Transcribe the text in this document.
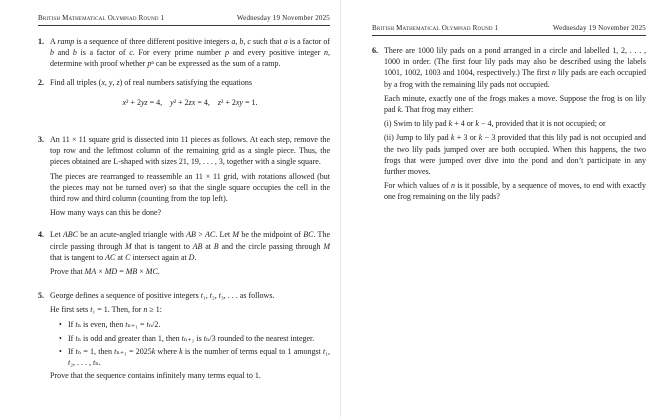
British Mathematical Olympiad Round 1	Wednesday 19 November 2025
1. A ramp is a sequence of three different positive integers a, b, c such that a is a factor of b and b is a factor of c. For every prime number p and every positive integer n, determine with proof whether pⁿ can be expressed as the sum of a ramp.

2. Find all triples (x, y, z) of real numbers satisfying the equations

x² + 2yz = 4, y² + 2zx = 4, z² + 2xy = 1.
3. An 11 × 11 square grid is dissected into 11 pieces as follows. At each step, remove the top row and the leftmost column of the remaining grid as a single piece. Thus, the pieces obtained are L-shaped with sizes 21, 19, . . . , 3, together with a single square.

The pieces are rearranged to reassemble an 11 × 11 grid, with rotations allowed (but the pieces may not be turned over) so that the single square occupies the cell in the third row and third column (counting from the top left).

How many ways can this be done?

4. Let ABC be an acute-angled triangle with AB > AC. Let M be the midpoint of BC. The circle passing through M that is tangent to AB at B and the circle passing through M that is tangent to AC at C intersect again at D.

Prove that MA × MD = MB × MC.

5. George defines a sequence of positive integers t₁, t₂, t₃, . . . as follows.

He first sets t₁ = 1. Then, for n ≥ 1:

• If tₙ is even, then tₙ₊₁ = tₙ/2.

• If tₙ is odd and greater than 1, then tₙ₊₁ is tₙ/3 rounded to the nearest integer.

• If tₙ = 1, then tₙ₊₁ = 2025k where k is the number of terms equal to 1 amongst t₁, t₂, . . . , tₙ.

Prove that the sequence contains infinitely many terms equal to 1.

British Mathematical Olympiad Round 1	Wednesday 19 November 2025
6. There are 1000 lily pads on a pond arranged in a circle and labelled 1, 2, . . . , 1000 in order. (The first four lily pads may also be described using the labels 1001, 1002, 1003 and 1004, respectively.) The first n lily pads are each occupied by a frog with the remaining lily pads not occupied.

Each minute, exactly one of the frogs makes a move. Suppose the frog is on lily pad k. That frog may either:

(i) Swim to lily pad k + 4 or k − 4, provided that it is not occupied; or

(ii) Jump to lily pad k + 3 or k − 3 provided that this lily pad is not occupied and the two lily pads jumped over are both occupied. When this happens, the two frogs that were jumped over dive into the pond and don’t participate in any further moves.

For which values of n is it possible, by a sequence of moves, to end with exactly one frog remaining on the lily pads?
